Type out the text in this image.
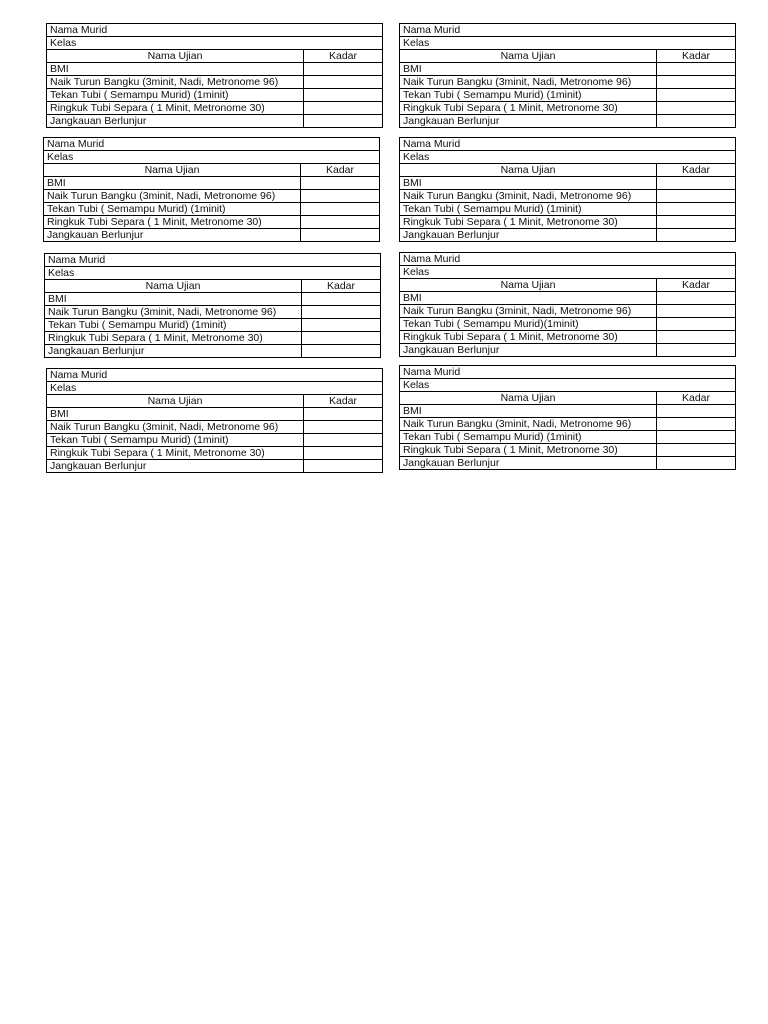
Nama Murid	
Kelas	
Nama Ujian	Kadar
BMI	
Naik Turun Bangku (3minit, Nadi, Metronome 96)	
Tekan Tubi ( Semampu Murid) (1minit)	
Ringkuk Tubi Separa ( 1 Minit, Metronome 30)	
Jangkauan Berlunjur	
Nama Murid	
Kelas	
Nama Ujian	Kadar
BMI	
Naik Turun Bangku (3minit, Nadi, Metronome 96)	
Tekan Tubi ( Semampu Murid) (1minit)	
Ringkuk Tubi Separa ( 1 Minit, Metronome 30)	
Jangkauan Berlunjur	
Nama Murid	
Kelas	
Nama Ujian	Kadar
BMI	
Naik Turun Bangku (3minit, Nadi, Metronome 96)	
Tekan Tubi ( Semampu Murid) (1minit)	
Ringkuk Tubi Separa ( 1 Minit, Metronome 30)	
Jangkauan Berlunjur	
Nama Murid	
Kelas	
Nama Ujian	Kadar
BMI	
Naik Turun Bangku (3minit, Nadi, Metronome 96)	
Tekan Tubi ( Semampu Murid) (1minit)	
Ringkuk Tubi Separa ( 1 Minit, Metronome 30)	
Jangkauan Berlunjur	
Nama Murid	
Kelas	
Nama Ujian	Kadar
BMI	
Naik Turun Bangku (3minit, Nadi, Metronome 96)	
Tekan Tubi ( Semampu Murid) (1minit)	
Ringkuk Tubi Separa ( 1 Minit, Metronome 30)	
Jangkauan Berlunjur	
Nama Murid	
Kelas	
Nama Ujian	Kadar
BMI	
Naik Turun Bangku (3minit, Nadi, Metronome 96)	
Tekan Tubi ( Semampu Murid) (1minit)	
Ringkuk Tubi Separa ( 1 Minit, Metronome 30)	
Jangkauan Berlunjur	
Nama Murid	
Kelas	
Nama Ujian	Kadar
BMI	
Naik Turun Bangku (3minit, Nadi, Metronome 96)	
Tekan Tubi ( Semampu Murid)(1minit)	
Ringkuk Tubi Separa ( 1 Minit, Metronome 30)	
Jangkauan Berlunjur	
Nama Murid	
Kelas	
Nama Ujian	Kadar
BMI	
Naik Turun Bangku (3minit, Nadi, Metronome 96)	
Tekan Tubi ( Semampu Murid) (1minit)	
Ringkuk Tubi Separa ( 1 Minit, Metronome 30)	
Jangkauan Berlunjur	
